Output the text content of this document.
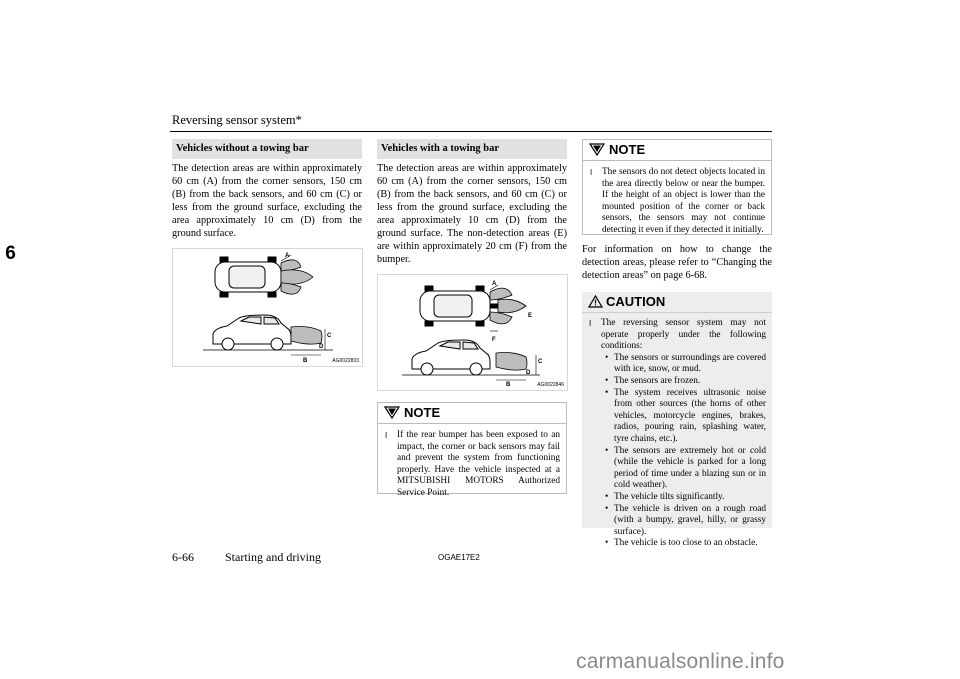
Reversing sensor system*
6
Vehicles without a towing bar
The detection areas are within approximately 60 cm (A) from the corner sensors, 150 cm (B) from the back sensors, and 60 cm (C) or less from the ground surface, excluding the area approximately 10 cm (D) from the ground surface.
A
B
C
D
AG0022833
Vehicles with a towing bar
The detection areas are within approximately 60 cm (A) from the corner sensors, 150 cm (B) from the back sensors, and 60 cm (C) or less from the ground surface, excluding the area approximately 10 cm (D) from the ground surface. The non-detection areas (E) are within approximately 20 cm (F) from the bumper.
A
E
F
B
C
D
AG0022846
NOTE
l	If the rear bumper has been exposed to an impact, the corner or back sensors may fail and prevent the system from functioning properly. Have the vehicle inspected at a MITSUBISHI MOTORS Authorized Service Point.
NOTE
l	The sensors do not detect objects located in the area directly below or near the bumper. If the height of an object is lower than the mounted position of the corner or back sensors, the sensors may not continue detecting it even if they detected it initially.
For information on how to change the detection areas, please refer to “Changing the detection areas” on page 6-68.
CAUTION
l	The reversing sensor system may not operate properly under the following conditions:
• The sensors or surroundings are covered with ice, snow, or mud.
• The sensors are frozen.
• The system receives ultrasonic noise from other sources (the horns of other vehicles, motorcycle engines, brakes, radios, pouring rain, splashing water, tyre chains, etc.).
• The sensors are extremely hot or cold (while the vehicle is parked for a long period of time under a blazing sun or in cold weather).
• The vehicle tilts significantly.
• The vehicle is driven on a rough road (with a bumpy, gravel, hilly, or grassy surface).
• The vehicle is too close to an obstacle.
6-66	Starting and driving	OGAE17E2
carmanualsonline.info
